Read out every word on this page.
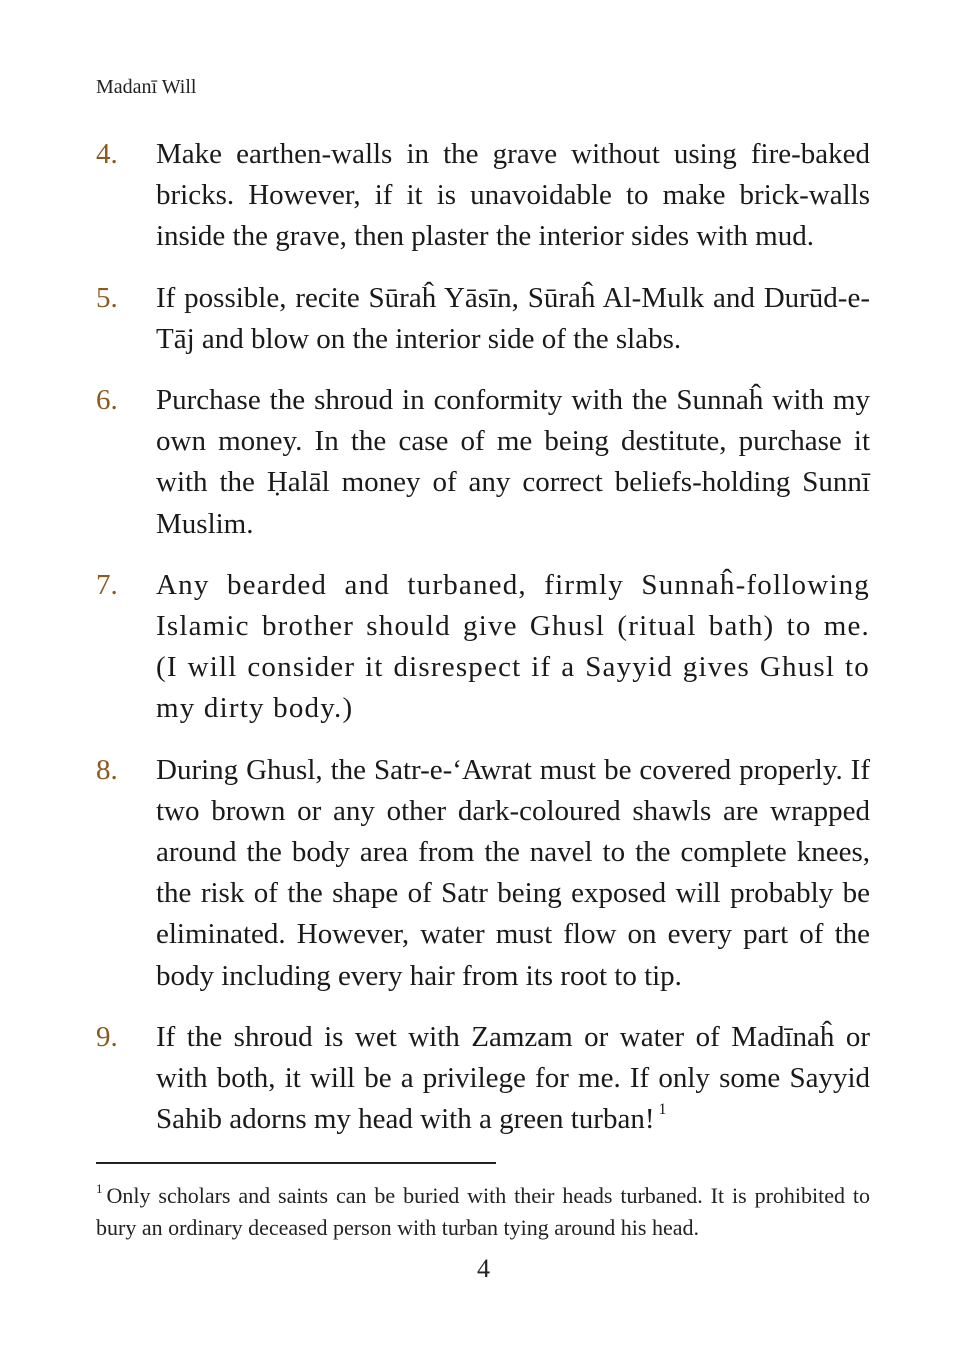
Madanī Will
4.	Make earthen-walls in the grave without using fire-baked bricks. However, if it is unavoidable to make brick-walls inside the grave, then plaster the interior sides with mud.
5.	If possible, recite Sūraĥ Yāsīn, Sūraĥ Al-Mulk and Durūd-e-Tāj and blow on the interior side of the slabs.
6.	Purchase the shroud in conformity with the Sunnaĥ with my own money. In the case of me being destitute, purchase it with the Ḥalāl money of any correct beliefs-holding Sunnī Muslim.
7.	Any bearded and turbaned, firmly Sunnaĥ-following Islamic brother should give Ghusl (ritual bath) to me. (I will consider it disrespect if a Sayyid gives Ghusl to my dirty body.)
8.	During Ghusl, the Satr-e-‘Awrat must be covered properly. If two brown or any other dark-coloured shawls are wrapped around the body area from the navel to the complete knees, the risk of the shape of Satr being exposed will probably be eliminated. However, water must flow on every part of the body including every hair from its root to tip.
9.	If the shroud is wet with Zamzam or water of Madīnaĥ or with both, it will be a privilege for me. If only some Sayyid Sahib adorns my head with a green turban! $^1$
$^1$ Only scholars and saints can be buried with their heads turbaned. It is prohibited to bury an ordinary deceased person with turban tying around his head.
4
